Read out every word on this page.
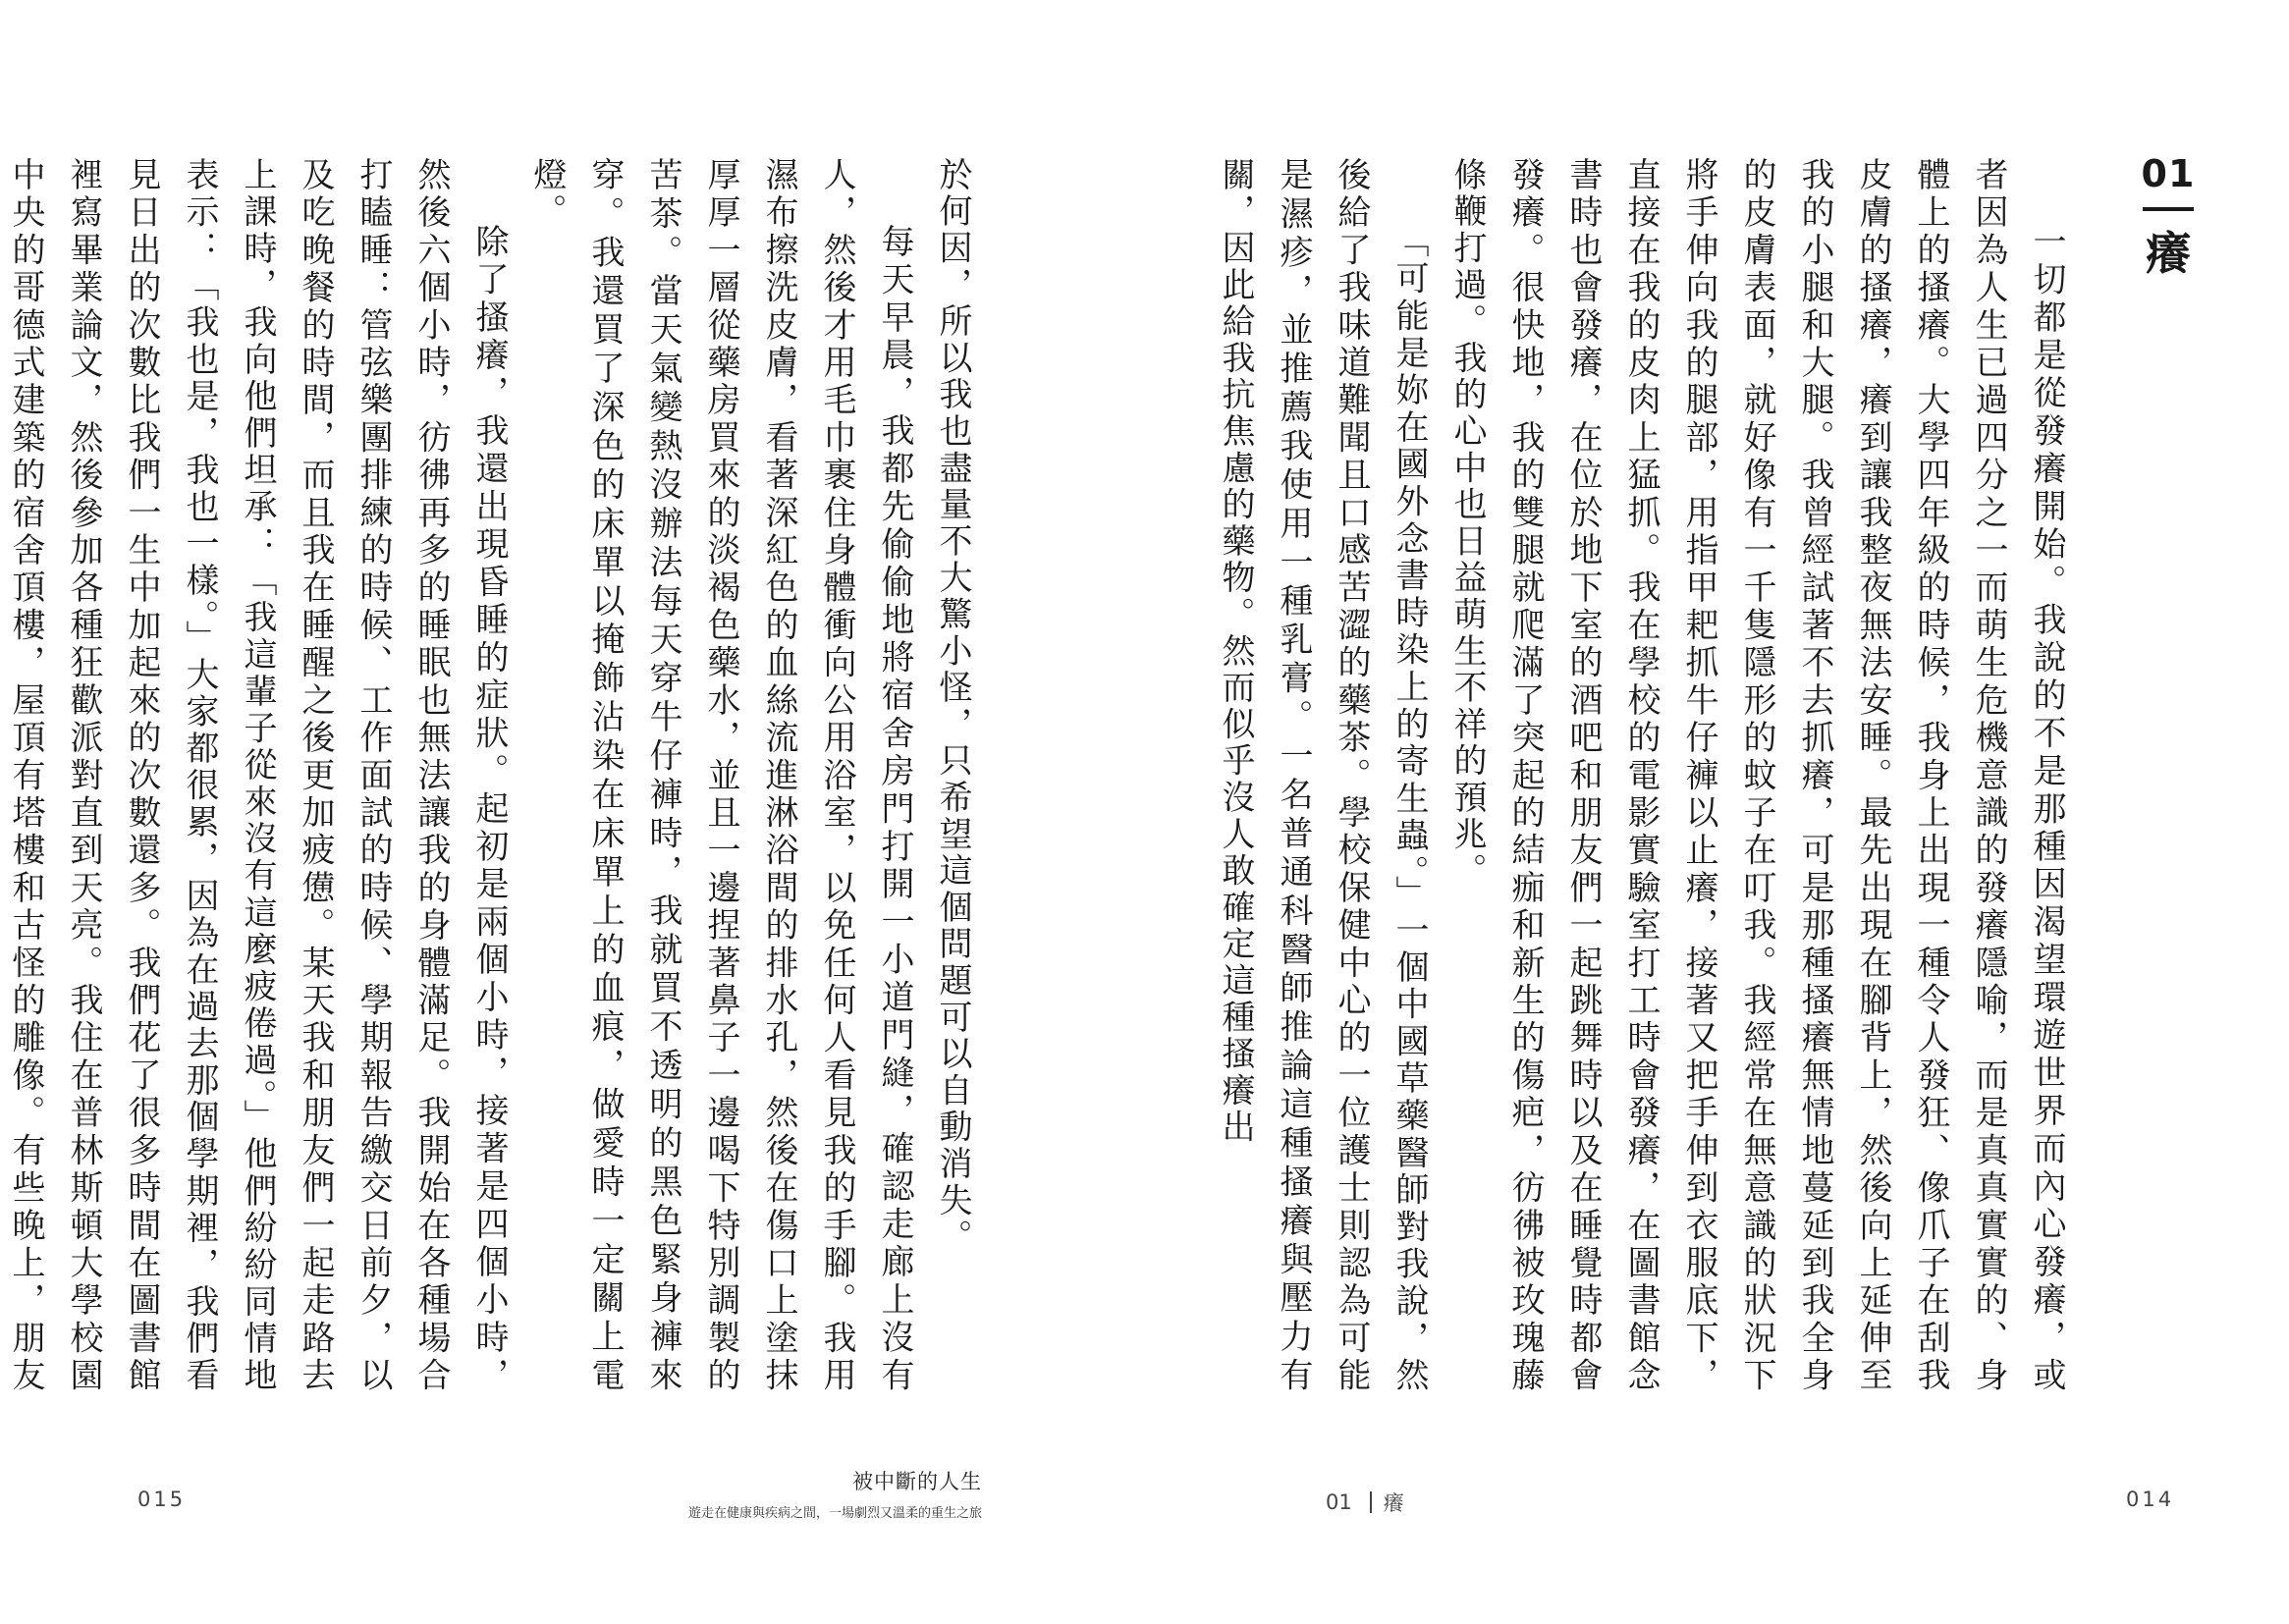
於何因，所以我也盡量不大驚小怪，只希望這個問題可以自動消失。

每天早晨，我都先偷偷地將宿舍房門打開一小道門縫，確認走廊上沒有人，然後才用毛巾裹住身體衝向公用浴室，以免任何人看見我的手腳。我用濕布擦洗皮膚，看著深紅色的血絲流進淋浴間的排水孔，然後在傷口上塗抹厚厚一層從藥房買來的淡褐色藥水，並且一邊捏著鼻子一邊喝下特別調製的苦茶。當天氣變熱沒辦法每天穿牛仔褲時，我就買不透明的黑色緊身褲來穿。我還買了深色的床單以掩飾沾染在床單上的血痕，做愛時一定關上電燈。

除了搔癢，我還出現昏睡的症狀。起初是兩個小時，接著是四個小時，然後六個小時，彷彿再多的睡眠也無法讓我的身體滿足。我開始在各種場合打瞌睡：管弦樂團排練的時候、工作面試的時候、學期報告繳交日前夕，以及吃晚餐的時間，而且我在睡醒之後更加疲憊。某天我和朋友們一起走路去上課時，我向他們坦承：「我這輩子從來沒有這麼疲倦過。」他們紛紛同情地表示：「我也是，我也一樣。」大家都很累，因為在過去那個學期裡，我們看見日出的次數比我們一生中加起來的次數還多。我們花了很多時間在圖書館裡寫畢業論文，然後參加各種狂歡派對直到天亮。我住在普林斯頓大學校園中央的哥德式建築的宿舍頂樓，屋頂有塔樓和古怪的雕像。有些晚上，朋友

015
被中斷的人生
遊走在健康與疾病之間，一場劇烈又溫柔的重生之旅
01
癢

一切都是從發癢開始。我說的不是那種因渴望環遊世界而內心發癢，或者因為人生已過四分之一而萌生危機意識的發癢隱喻，而是真真實實的、身體上的搔癢。大學四年級的時候，我身上出現一種令人發狂、像爪子在刮我皮膚的搔癢，癢到讓我整夜無法安睡。最先出現在腳背上，然後向上延伸至我的小腿和大腿。我曾經試著不去抓癢，可是那種搔癢無情地蔓延到我全身的皮膚表面，就好像有一千隻隱形的蚊子在叮我。我經常在無意識的狀況下將手伸向我的腿部，用指甲耙抓牛仔褲以止癢，接著又把手伸到衣服底下，直接在我的皮肉上猛抓。我在學校的電影實驗室打工時會發癢，在圖書館念書時也會發癢，在位於地下室的酒吧和朋友們一起跳舞時以及在睡覺時都會發癢。很快地，我的雙腿就爬滿了突起的結痂和新生的傷疤，彷彿被玫瑰藤條鞭打過。我的心中也日益萌生不祥的預兆。

「可能是妳在國外念書時染上的寄生蟲。」一個中國草藥醫師對我說，然後給了我味道難聞且口感苦澀的藥茶。學校保健中心的一位護士則認為可能是濕疹，並推薦我使用一種乳膏。一名普通科醫師推論這種搔癢與壓力有關，因此給我抗焦慮的藥物。然而似乎沒人敢確定這種搔癢出

01 癢	014
